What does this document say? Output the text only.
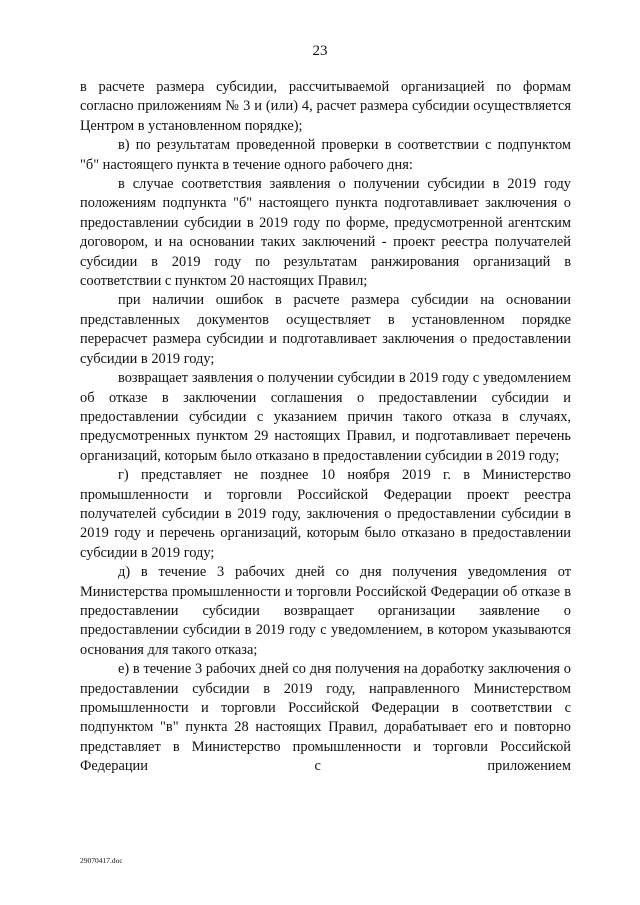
23

в расчете размера субсидии, рассчитываемой организацией по формам согласно приложениям № 3 и (или) 4, расчет размера субсидии осуществляется Центром в установленном порядке);

в) по результатам проведенной проверки в соответствии с подпунктом "б" настоящего пункта в течение одного рабочего дня:

в случае соответствия заявления о получении субсидии в 2019 году положениям подпункта "б" настоящего пункта подготавливает заключения о предоставлении субсидии в 2019 году по форме, предусмотренной агентским договором, и на основании таких заключений - проект реестра получателей субсидии в 2019 году по результатам ранжирования организаций в соответствии с пунктом 20 настоящих Правил;

при наличии ошибок в расчете размера субсидии на основании представленных документов осуществляет в установленном порядке перерасчет размера субсидии и подготавливает заключения о предоставлении субсидии в 2019 году;

возвращает заявления о получении субсидии в 2019 году с уведомлением об отказе в заключении соглашения о предоставлении субсидии и предоставлении субсидии с указанием причин такого отказа в случаях, предусмотренных пунктом 29 настоящих Правил, и подготавливает перечень организаций, которым было отказано в предоставлении субсидии в 2019 году;

г) представляет не позднее 10 ноября 2019 г. в Министерство промышленности и торговли Российской Федерации проект реестра получателей субсидии в 2019 году, заключения о предоставлении субсидии в 2019 году и перечень организаций, которым было отказано в предоставлении субсидии в 2019 году;

д) в течение 3 рабочих дней со дня получения уведомления от Министерства промышленности и торговли Российской Федерации об отказе в предоставлении субсидии возвращает организации заявление о предоставлении субсидии в 2019 году с уведомлением, в котором указываются основания для такого отказа;

е) в течение 3 рабочих дней со дня получения на доработку заключения о предоставлении субсидии в 2019 году, направленного Министерством промышленности и торговли Российской Федерации в соответствии с подпунктом "в" пункта 28 настоящих Правил, дорабатывает его и повторно представляет в Министерство промышленности и торговли Российской Федерации с приложением

29070417.doc
